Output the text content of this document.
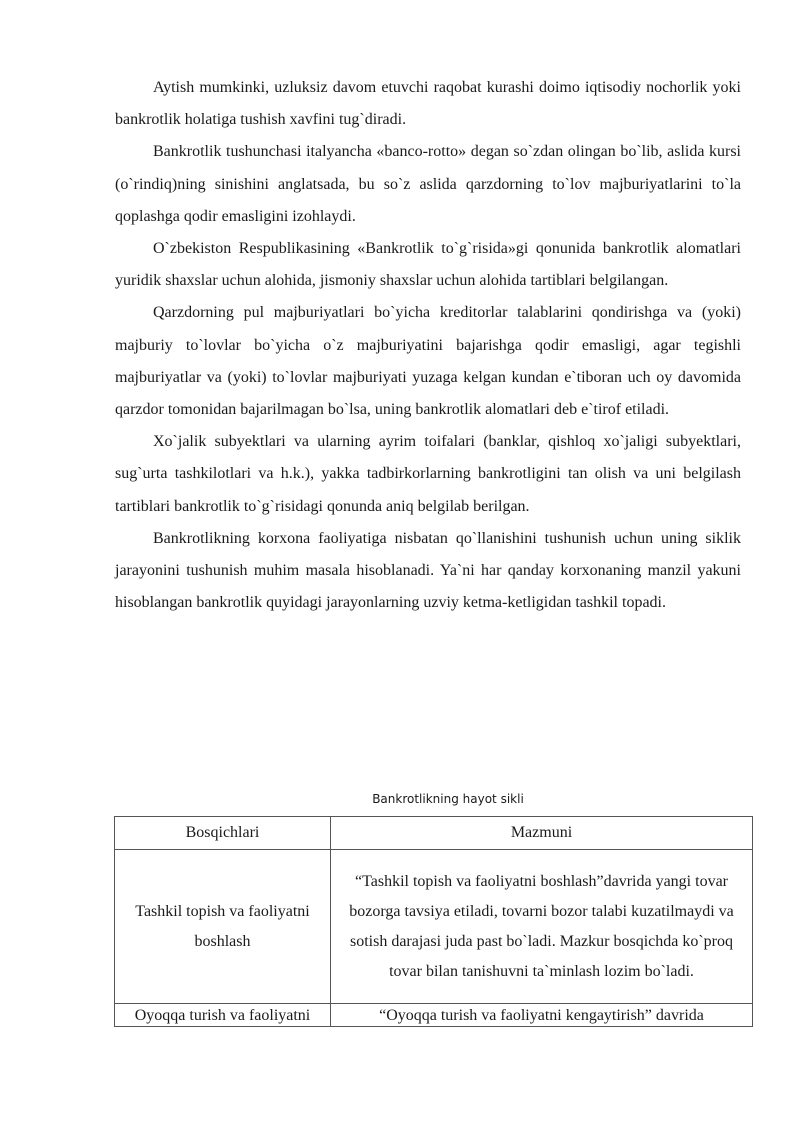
Aytish mumkinki, uzluksiz davom etuvchi raqobat kurashi doimo iqtisodiy nochorlik yoki bankrotlik holatiga tushish xavfini tug`diradi.

Bankrotlik tushunchasi italyancha «banco-rotto» degan so`zdan olingan bo`lib, aslida kursi (o`rindiq)ning sinishini anglatsada, bu so`z aslida qarzdorning to`lov majburiyatlarini to`la qoplashga qodir emasligini izohlaydi.

O`zbekiston Respublikasining «Bankrotlik to`g`risida»gi qonunida bankrotlik alomatlari yuridik shaxslar uchun alohida, jismoniy shaxslar uchun alohida tartiblari belgilangan.

Qarzdorning pul majburiyatlari bo`yicha kreditorlar talablarini qondirishga va (yoki) majburiy to`lovlar bo`yicha o`z majburiyatini bajarishga qodir emasligi, agar tegishli majburiyatlar va (yoki) to`lovlar majburiyati yuzaga kelgan kundan e`tiboran uch oy davomida qarzdor tomonidan bajarilmagan bo`lsa, uning bankrotlik alomatlari deb e`tirof etiladi.

Xo`jalik subyektlari va ularning ayrim toifalari (banklar, qishloq xo`jaligi subyektlari, sug`urta tashkilotlari va h.k.), yakka tadbirkorlarning bankrotligini tan olish va uni belgilash tartiblari bankrotlik to`g`risidagi qonunda aniq belgilab berilgan.

Bankrotlikning korxona faoliyatiga nisbatan qo`llanishini tushunish uchun uning siklik jarayonini tushunish muhim masala hisoblanadi. Ya`ni har qanday korxonaning manzil yakuni hisoblangan bankrotlik quyidagi jarayonlarning uzviy ketma-ketligidan tashkil topadi.

Bankrotlikning hayot sikli
Bosqichlari	Mazmuni
Tashkil topish va faoliyatni boshlash	“Tashkil topish va faoliyatni boshlash”davrida yangi tovar bozorga tavsiya etiladi, tovarni bozor talabi kuzatilmaydi va sotish darajasi juda past bo`ladi. Mazkur bosqichda ko`proq tovar bilan tanishuvni ta`minlash lozim bo`ladi.
Oyoqqa turish va faoliyatni	“Oyoqqa turish va faoliyatni kengaytirish” davrida
